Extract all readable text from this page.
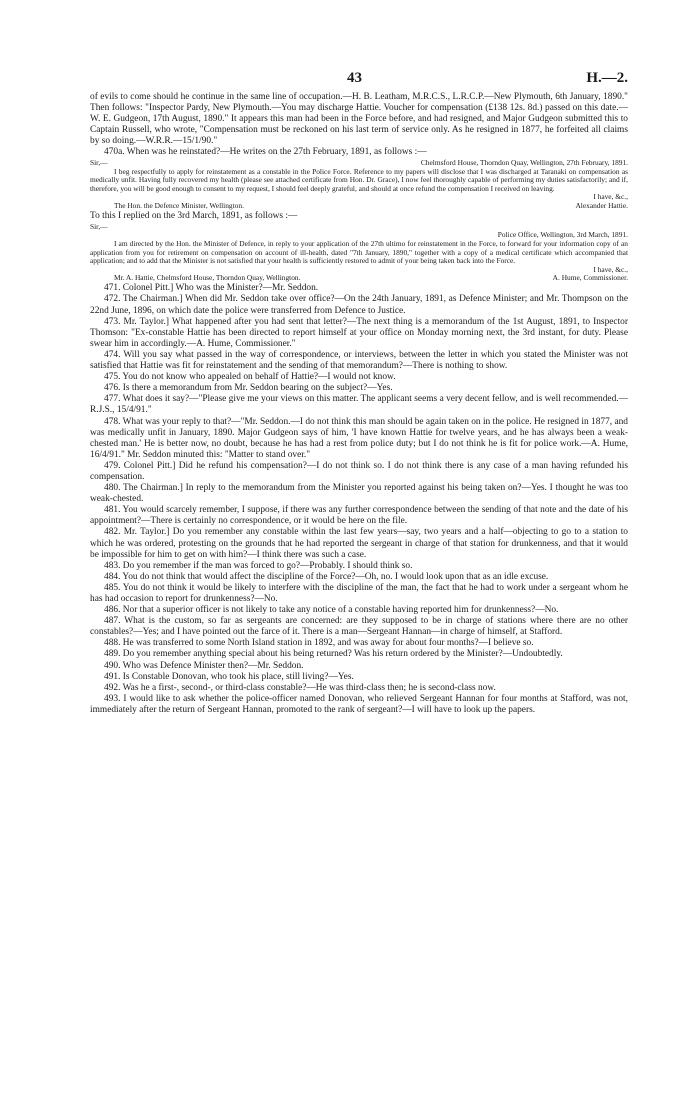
43	H.—2.

of evils to come should he continue in the same line of occupation.—H. B. Leatham, M.R.C.S., L.R.C.P.—New Plymouth, 6th January, 1890." Then follows: "Inspector Pardy, New Plymouth.—You may discharge Hattie. Voucher for compensation (£138 12s. 8d.) passed on this date.—W. E. Gudgeon, 17th August, 1890." It appears this man had been in the Force before, and had resigned, and Major Gudgeon submitted this to Captain Russell, who wrote, "Compensation must be reckoned on his last term of service only. As he resigned in 1877, he forfeited all claims by so doing.—W.R.R.—15/1/90."

470a. When was he reinstated?—He writes on the 27th February, 1891, as follows :—

Sir,—	Chelmsford House, Thorndon Quay, Wellington, 27th February, 1891.

I beg respectfully to apply for reinstatement as a constable in the Police Force. Reference to my papers will disclose that I was discharged at Taranaki on compensation as medically unfit. Having fully recovered my health (please see attached certificate from Hon. Dr. Grace), I now feel thoroughly capable of performing my duties satisfactorily; and if, therefore, you will be good enough to consent to my request, I should feel deeply grateful, and should at once refund the compensation I received on leaving.

I have, &c.,

The Hon. the Defence Minister, Wellington.	Alexander Hattie.

To this I replied on the 3rd March, 1891, as follows :—

Sir,—

Police Office, Wellington, 3rd March, 1891.

I am directed by the Hon. the Minister of Defence, in reply to your application of the 27th ultimo for reinstatement in the Force, to forward for your information copy of an application from you for retirement on compensation on account of ill-health, dated "7th January, 1890," together with a copy of a medical certificate which accompanied that application; and to add that the Minister is not satisfied that your health is sufficiently restored to admit of your being taken back into the Force.

I have, &c.,

Mr. A. Hattie, Chelmsford House, Thorndon Quay, Wellington.	A. Hume, Commissioner.

471. Colonel Pitt.] Who was the Minister?—Mr. Seddon.

472. The Chairman.] When did Mr. Seddon take over office?—On the 24th January, 1891, as Defence Minister; and Mr. Thompson on the 22nd June, 1896, on which date the police were transferred from Defence to Justice.

473. Mr. Taylor.] What happened after you had sent that letter?—The next thing is a memorandum of the 1st August, 1891, to Inspector Thomson: "Ex-constable Hattie has been directed to report himself at your office on Monday morning next, the 3rd instant, for duty. Please swear him in accordingly.—A. Hume, Commissioner."

474. Will you say what passed in the way of correspondence, or interviews, between the letter in which you stated the Minister was not satisfied that Hattie was fit for reinstatement and the sending of that memorandum?—There is nothing to show.

475. You do not know who appealed on behalf of Hattie?—I would not know.

476. Is there a memorandum from Mr. Seddon bearing on the subject?—Yes.

477. What does it say?—"Please give me your views on this matter. The applicant seems a very decent fellow, and is well recommended.—R.J.S., 15/4/91."

478. What was your reply to that?—"Mr. Seddon.—I do not think this man should be again taken on in the police. He resigned in 1877, and was medically unfit in January, 1890. Major Gudgeon says of him, 'I have known Hattie for twelve years, and he has always been a weak-chested man.' He is better now, no doubt, because he has had a rest from police duty; but I do not think he is fit for police work.—A. Hume, 16/4/91." Mr. Seddon minuted this: "Matter to stand over."

479. Colonel Pitt.] Did he refund his compensation?—I do not think so. I do not think there is any case of a man having refunded his compensation.

480. The Chairman.] In reply to the memorandum from the Minister you reported against his being taken on?—Yes. I thought he was too weak-chested.

481. You would scarcely remember, I suppose, if there was any further correspondence between the sending of that note and the date of his appointment?—There is certainly no correspondence, or it would be here on the file.

482. Mr. Taylor.] Do you remember any constable within the last few years—say, two years and a half—objecting to go to a station to which he was ordered, protesting on the grounds that he had reported the sergeant in charge of that station for drunkenness, and that it would be impossible for him to get on with him?—I think there was such a case.

483. Do you remember if the man was forced to go?—Probably. I should think so.

484. You do not think that would affect the discipline of the Force?—Oh, no. I would look upon that as an idle excuse.

485. You do not think it would be likely to interfere with the discipline of the man, the fact that he had to work under a sergeant whom he has had occasion to report for drunkenness?—No.

486. Nor that a superior officer is not likely to take any notice of a constable having reported him for drunkenness?—No.

487. What is the custom, so far as sergeants are concerned: are they supposed to be in charge of stations where there are no other constables?—Yes; and I have pointed out the farce of it. There is a man—Sergeant Hannan—in charge of himself, at Stafford.

488. He was transferred to some North Island station in 1892, and was away for about four months?—I believe so.

489. Do you remember anything special about his being returned? Was his return ordered by the Minister?—Undoubtedly.

490. Who was Defence Minister then?—Mr. Seddon.

491. Is Constable Donovan, who took his place, still living?—Yes.

492. Was he a first-, second-, or third-class constable?—He was third-class then; he is second-class now.

493. I would like to ask whether the police-officer named Donovan, who relieved Sergeant Hannan for four months at Stafford, was not, immediately after the return of Sergeant Hannan, promoted to the rank of sergeant?—I will have to look up the papers.
